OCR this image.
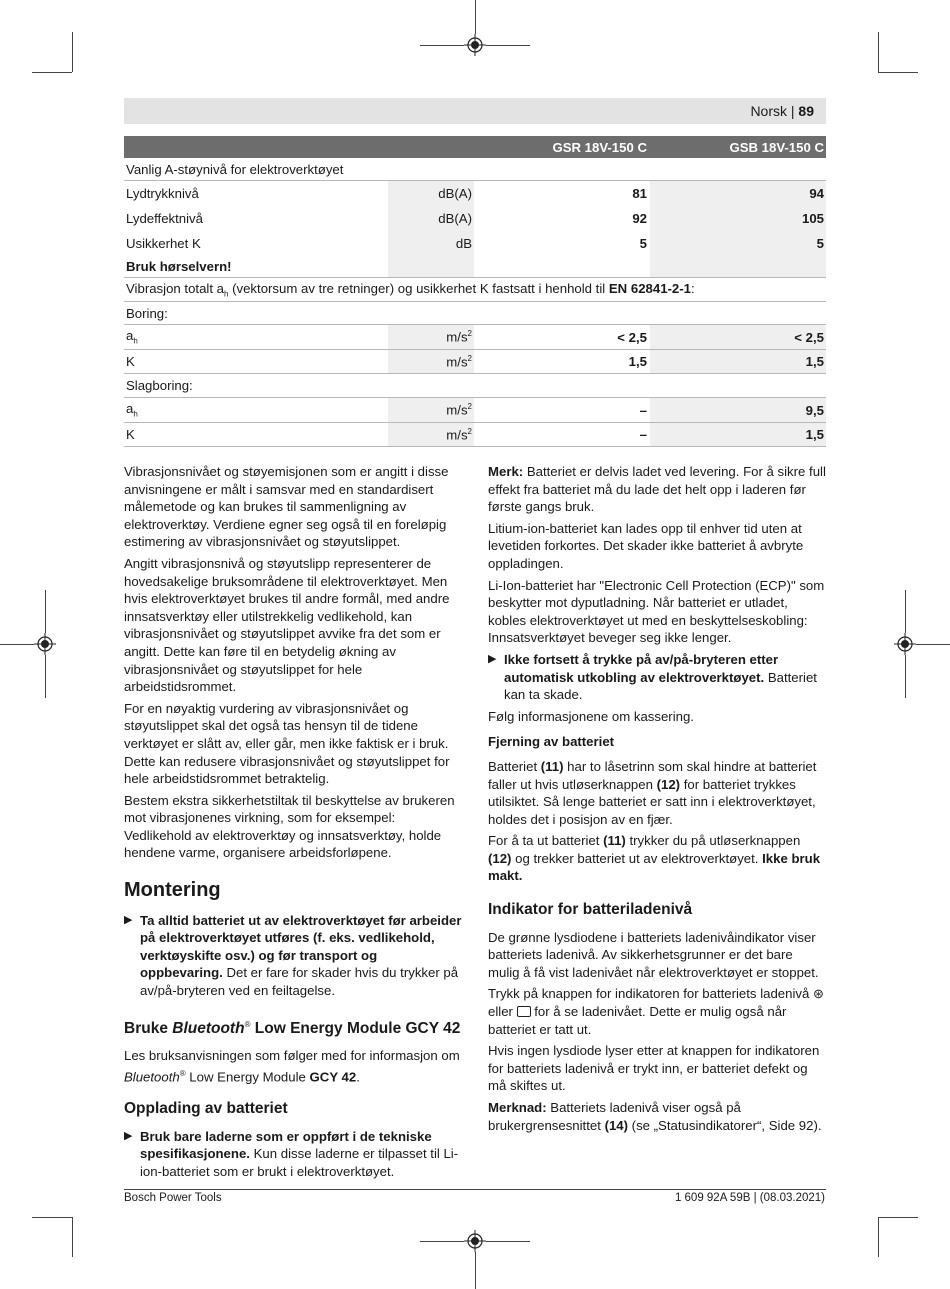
Norsk | 89
GSR 18V-150 C	GSB 18V-150 C
Vanlig A-støynivå for elektroverktøyet
Lydtrykknivå	dB(A)	81	94
Lydeffektnivå	dB(A)	92	105
Usikkerhet K	dB	5	5
Bruk hørselvern!
Vibrasjon totalt $a_h$ (vektorsum av tre retninger) og usikkerhet K fastsatt i henhold til EN 62841-2-1:
Boring:
$a_h$	$m/s^2$	< 2,5	< 2,5
K	$m/s^2$	1,5	1,5
Slagboring:
$a_h$	$m/s^2$	–	9,5
K	$m/s^2$	–	1,5

Vibrasjonsnivået og støyemisjonen som er angitt i disse anvisningene er målt i samsvar med en standardisert målemetode og kan brukes til sammenligning av elektroverktøy. Verdiene egner seg også til en foreløpig estimering av vibrasjonsnivået og støyutslippet.

Angitt vibrasjonsnivå og støyutslipp representerer de hovedsakelige bruksområdene til elektroverktøyet. Men hvis elektroverktøyet brukes til andre formål, med andre innsatsverktøy eller utilstrekkelig vedlikehold, kan vibrasjonsnivået og støyutslippet avvike fra det som er angitt. Dette kan føre til en betydelig økning av vibrasjonsnivået og støyutslippet for hele arbeidstidsrommet.

For en nøyaktig vurdering av vibrasjonsnivået og støyutslippet skal det også tas hensyn til de tidene verktøyet er slått av, eller går, men ikke faktisk er i bruk. Dette kan redusere vibrasjonsnivået og støyutslippet for hele arbeidstidsrommet betraktelig.

Bestem ekstra sikkerhetstiltak til beskyttelse av brukeren mot vibrasjonenes virkning, som for eksempel: Vedlikehold av elektroverktøy og innsatsverktøy, holde hendene varme, organisere arbeidsforløpene.

Montering

▶ Ta alltid batteriet ut av elektroverktøyet før arbeider på elektroverktøyet utføres (f. eks. vedlikehold, verktøyskifte osv.) og før transport og oppbevaring. Det er fare for skader hvis du trykker på av/på-bryteren ved en feiltagelse.

Bruke Bluetooth® Low Energy Module GCY 42

Les bruksanvisningen som følger med for informasjon om Bluetooth® Low Energy Module GCY 42.

Opplading av batteriet

▶ Bruk bare laderne som er oppført i de tekniske spesifikasjonene. Kun disse laderne er tilpasset til Li-ion-batteriet som er brukt i elektroverktøyet.

Merk: Batteriet er delvis ladet ved levering. For å sikre full effekt fra batteriet må du lade det helt opp i laderen før første gangs bruk.

Litium-ion-batteriet kan lades opp til enhver tid uten at levetiden forkortes. Det skader ikke batteriet å avbryte oppladingen.

Li-Ion-batteriet har "Electronic Cell Protection (ECP)" som beskytter mot dyputladning. Når batteriet er utladet, kobles elektroverktøyet ut med en beskyttelseskobling: Innsatsverktøyet beveger seg ikke lenger.

▶ Ikke fortsett å trykke på av/på-bryteren etter automatisk utkobling av elektroverktøyet. Batteriet kan ta skade.

Følg informasjonene om kassering.

Fjerning av batteriet

Batteriet (11) har to låsetrinn som skal hindre at batteriet faller ut hvis utløserknappen (12) for batteriet trykkes utilsiktet. Så lenge batteriet er satt inn i elektroverktøyet, holdes det i posisjon av en fjær.

For å ta ut batteriet (11) trykker du på utløserknappen (12) og trekker batteriet ut av elektroverktøyet. Ikke bruk makt.

Indikator for batteriladenivå

De grønne lysdiodene i batteriets ladenivåindikator viser batteriets ladenivå. Av sikkerhetsgrunner er det bare mulig å få vist ladenivået når elektroverktøyet er stoppet.

Trykk på knappen for indikatoren for batteriets ladenivå ⊛ eller  for å se ladenivået. Dette er mulig også når batteriet er tatt ut.

Hvis ingen lysdiode lyser etter at knappen for indikatoren for batteriets ladenivå er trykt inn, er batteriet defekt og må skiftes ut.

Merknad: Batteriets ladenivå viser også på brukergrensesnittet (14) (se „Statusindikatorer“, Side 92).

Bosch Power Tools	1 609 92A 59B | (08.03.2021)
